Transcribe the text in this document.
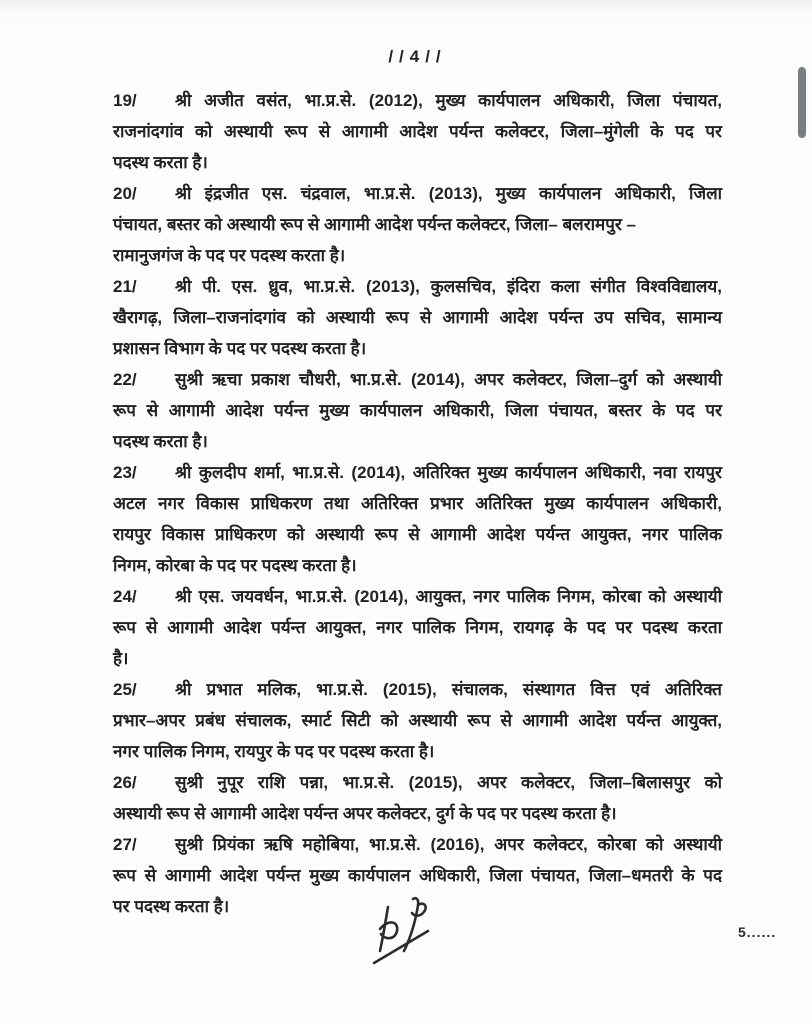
//4//
19/ श्री अजीत वसंत, भा.प्र.से. (2012), मुख्य कार्यपालन अधिकारी, जिला पंचायत,
राजनांदगांव को अस्थायी रूप से आगामी आदेश पर्यन्त कलेक्टर, जिला–मुंगेली के पद पर
पदस्थ करता है।
20/ श्री इंद्रजीत एस. चंद्रवाल, भा.प्र.से. (2013), मुख्य कार्यपालन अधिकारी, जिला
पंचायत, बस्तर को अस्थायी रूप से आगामी आदेश पर्यन्त कलेक्टर, जिला– बलरामपुर –
रामानुजगंज के पद पर पदस्थ करता है।
21/ श्री पी. एस. ध्रुव, भा.प्र.से. (2013), कुलसचिव, इंदिरा कला संगीत विश्वविद्यालय,
खैरागढ़, जिला–राजनांदगांव को अस्थायी रूप से आगामी आदेश पर्यन्त उप सचिव, सामान्य
प्रशासन विभाग के पद पर पदस्थ करता है।
22/ सुश्री ऋचा प्रकाश चौधरी, भा.प्र.से. (2014), अपर कलेक्टर, जिला–दुर्ग को अस्थायी
रूप से आगामी आदेश पर्यन्त मुख्य कार्यपालन अधिकारी, जिला पंचायत, बस्तर के पद पर
पदस्थ करता है।
23/ श्री कुलदीप शर्मा, भा.प्र.से. (2014), अतिरिक्त मुख्य कार्यपालन अधिकारी, नवा रायपुर
अटल नगर विकास प्राधिकरण तथा अतिरिक्त प्रभार अतिरिक्त मुख्य कार्यपालन अधिकारी,
रायपुर विकास प्राधिकरण को अस्थायी रूप से आगामी आदेश पर्यन्त आयुक्त, नगर पालिक
निगम, कोरबा के पद पर पदस्थ करता है।
24/ श्री एस. जयवर्धन, भा.प्र.से. (2014), आयुक्त, नगर पालिक निगम, कोरबा को अस्थायी
रूप से आगामी आदेश पर्यन्त आयुक्त, नगर पालिक निगम, रायगढ़ के पद पर पदस्थ करता
है।
25/ श्री प्रभात मलिक, भा.प्र.से. (2015), संचालक, संस्थागत वित्त एवं अतिरिक्त
प्रभार–अपर प्रबंध संचालक, स्मार्ट सिटी को अस्थायी रूप से आगामी आदेश पर्यन्त आयुक्त,
नगर पालिक निगम, रायपुर के पद पर पदस्थ करता है।
26/ सुश्री नुपूर राशि पन्ना, भा.प्र.से. (2015), अपर कलेक्टर, जिला–बिलासपुर को
अस्थायी रूप से आगामी आदेश पर्यन्त अपर कलेक्टर, दुर्ग के पद पर पदस्थ करता है।
27/ सुश्री प्रियंका ऋषि महोबिया, भा.प्र.से. (2016), अपर कलेक्टर, कोरबा को अस्थायी
रूप से आगामी आदेश पर्यन्त मुख्य कार्यपालन अधिकारी, जिला पंचायत, जिला–धमतरी के पद
पर पदस्थ करता है।
5......
